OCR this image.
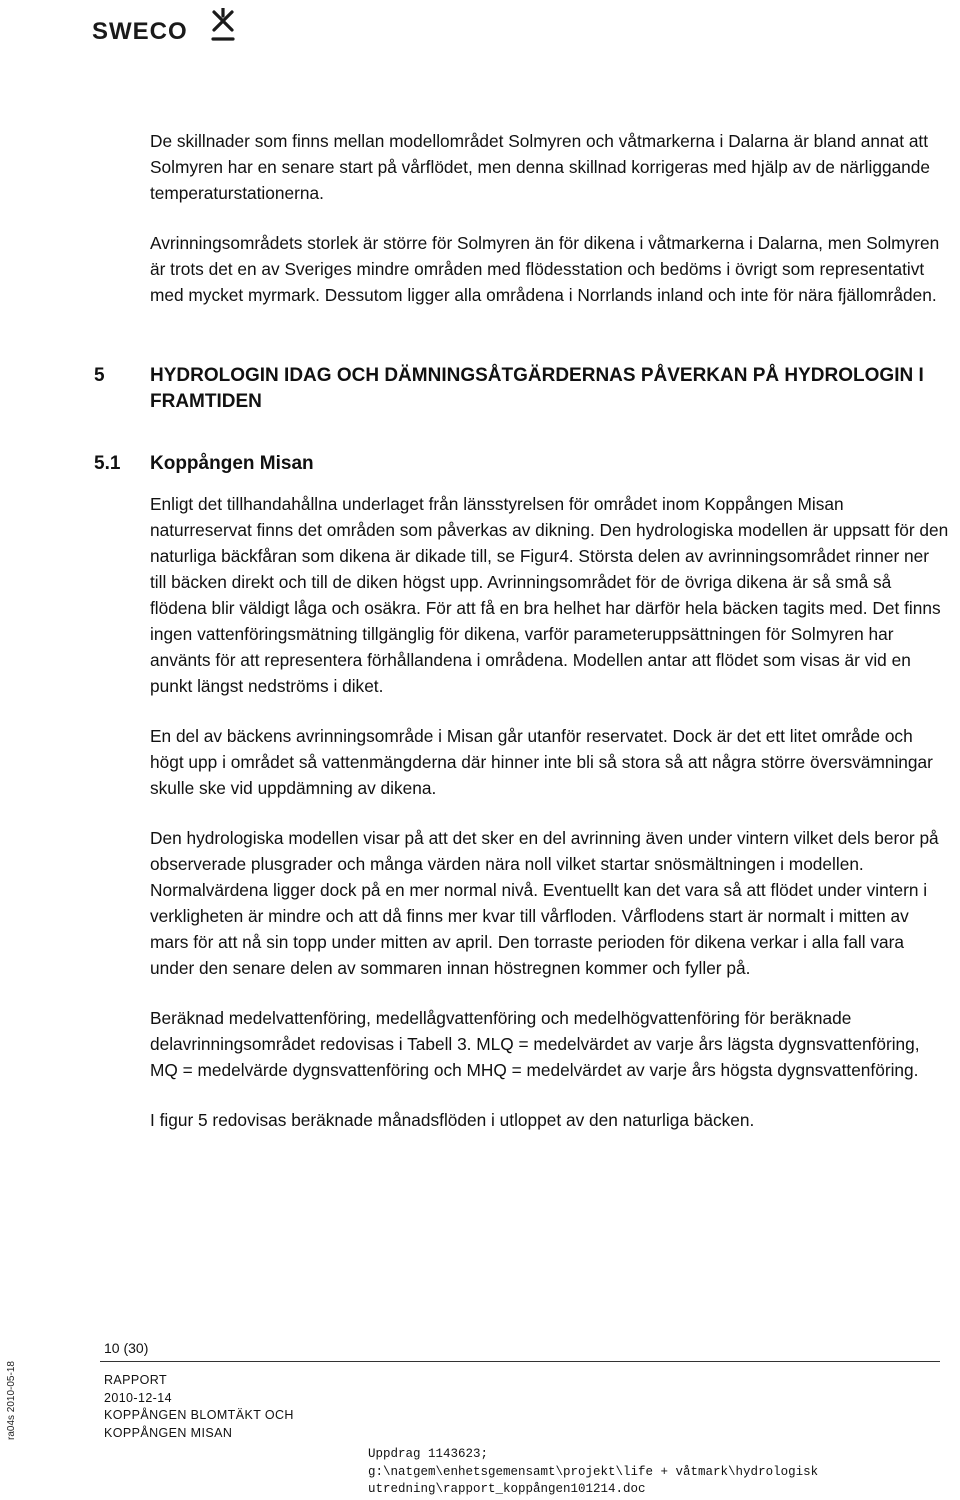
SWECO

De skillnader som finns mellan modellområdet Solmyren och våtmarkerna i Dalarna är bland annat att Solmyren har en senare start på vårflödet, men denna skillnad korrigeras med hjälp av de närliggande temperaturstationerna.

Avrinningsområdets storlek är större för Solmyren än för dikena i våtmarkerna i Dalarna, men Solmyren är trots det en av Sveriges mindre områden med flödesstation och bedöms i övrigt som representativt med mycket myrmark. Dessutom ligger alla områdena i Norrlands inland och inte för nära fjällområden.

5 HYDROLOGIN IDAG OCH DÄMNINGSÅTGÄRDERNAS PÅVERKAN PÅ HYDROLOGIN I FRAMTIDEN
5.1 Koppången Misan

Enligt det tillhandahållna underlaget från länsstyrelsen för området inom Koppången Misan naturreservat finns det områden som påverkas av dikning. Den hydrologiska modellen är uppsatt för den naturliga bäckfåran som dikena är dikade till, se Figur4. Största delen av avrinningsområdet rinner ner till bäcken direkt och till de diken högst upp. Avrinningsområdet för de övriga dikena är så små så flödena blir väldigt låga och osäkra. För att få en bra helhet har därför hela bäcken tagits med. Det finns ingen vattenföringsmätning tillgänglig för dikena, varför parameteruppsättningen för Solmyren har använts för att representera förhållandena i områdena. Modellen antar att flödet som visas är vid en punkt längst nedströms i diket.

En del av bäckens avrinningsområde i Misan går utanför reservatet. Dock är det ett litet område och högt upp i området så vattenmängderna där hinner inte bli så stora så att några större översvämningar skulle ske vid uppdämning av dikena.

Den hydrologiska modellen visar på att det sker en del avrinning även under vintern vilket dels beror på observerade plusgrader och många värden nära noll vilket startar snösmältningen i modellen. Normalvärdena ligger dock på en mer normal nivå. Eventuellt kan det vara så att flödet under vintern i verkligheten är mindre och att då finns mer kvar till vårfloden. Vårflodens start är normalt i mitten av mars för att nå sin topp under mitten av april. Den torraste perioden för dikena verkar i alla fall vara under den senare delen av sommaren innan höstregnen kommer och fyller på.

Beräknad medelvattenföring, medellågvattenföring och medelhögvattenföring för beräknade delavrinningsområdet redovisas i Tabell 3. MLQ = medelvärdet av varje års lägsta dygnsvattenföring, MQ = medelvärde dygnsvattenföring och MHQ = medelvärdet av varje års högsta dygnsvattenföring.

I figur 5 redovisas beräknade månadsflöden i utloppet av den naturliga bäcken.

10 (30)
RAPPORT
2010-12-14
KOPPÅNGEN BLOMTÄKT OCH
KOPPÅNGEN MISAN
Uppdrag 1143623;
g:\natgem\enhetsgemensamt\projekt\life + våtmark\hydrologisk
utredning\rapport_koppången101214.doc
ra04s 2010-05-18
